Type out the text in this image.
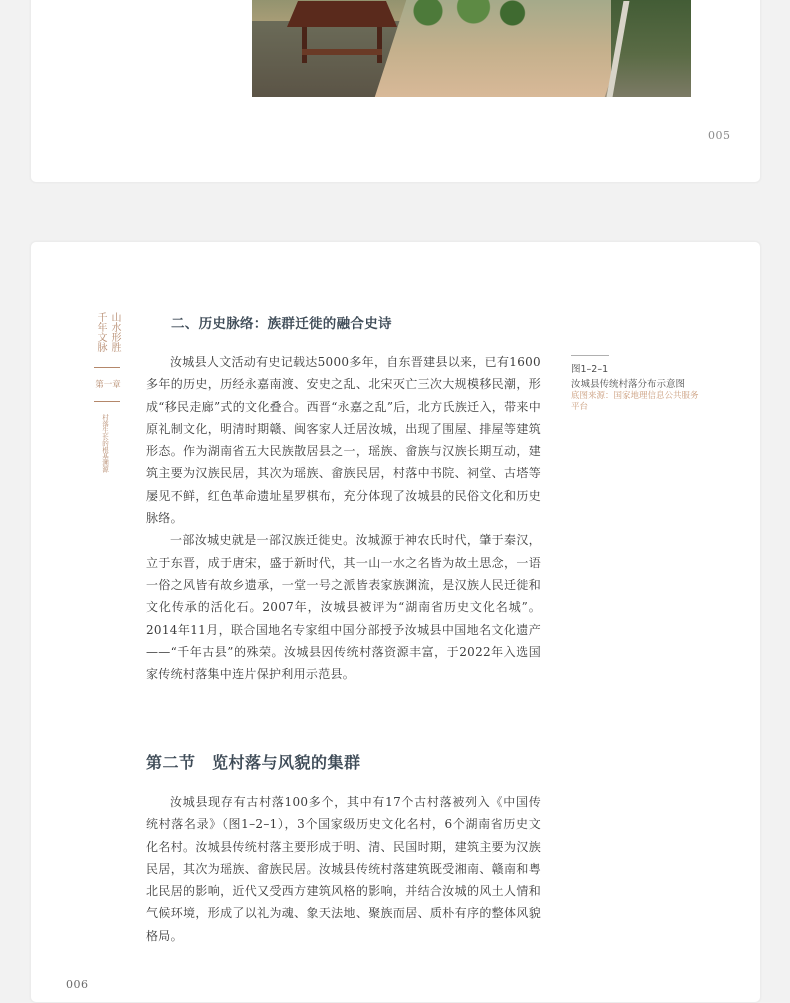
005
山水形胜
千年文脉
第一章
村落生长的根基溯源
二、历史脉络：族群迁徙的融合史诗

汝城县人文活动有史记载达5000多年，自东晋建县以来，已有1600多年的历史，历经永嘉南渡、安史之乱、北宋灭亡三次大规模移民潮，形成“移民走廊”式的文化叠合。西晋“永嘉之乱”后，北方氏族迁入，带来中原礼制文化，明清时期赣、闽客家人迁居汝城，出现了围屋、排屋等建筑形态。作为湖南省五大民族散居县之一，瑶族、畲族与汉族长期互动，建筑主要为汉族民居，其次为瑶族、畲族民居，村落中书院、祠堂、古塔等屡见不鲜，红色革命遗址星罗棋布，充分体现了汝城县的民俗文化和历史脉络。

一部汝城史就是一部汉族迁徙史。汝城源于神农氏时代，肇于秦汉，立于东晋，成于唐宋，盛于新时代，其一山一水之名皆为故土思念，一语一俗之风皆有故乡遗承，一堂一号之派皆表家族渊流，是汉族人民迁徙和文化传承的活化石。2007年，汝城县被评为“湖南省历史文化名城”。2014年11月，联合国地名专家组中国分部授予汝城县中国地名文化遗产——“千年古县”的殊荣。汝城县因传统村落资源丰富，于2022年入选国家传统村落集中连片保护利用示范县。

图1–2–1
汝城县传统村落分布示意图
底图来源：国家地理信息公共服务平台
第二节　览村落与风貌的集群

汝城县现存有古村落100多个，其中有17个古村落被列入《中国传统村落名录》（图1–2–1），3个国家级历史文化名村，6个湖南省历史文化名村。汝城县传统村落主要形成于明、清、民国时期，建筑主要为汉族民居，其次为瑶族、畲族民居。汝城县传统村落建筑既受湘南、赣南和粤北民居的影响，近代又受西方建筑风格的影响，并结合汝城的风土人情和气候环境，形成了以礼为魂、象天法地、聚族而居、质朴有序的整体风貌格局。

006
